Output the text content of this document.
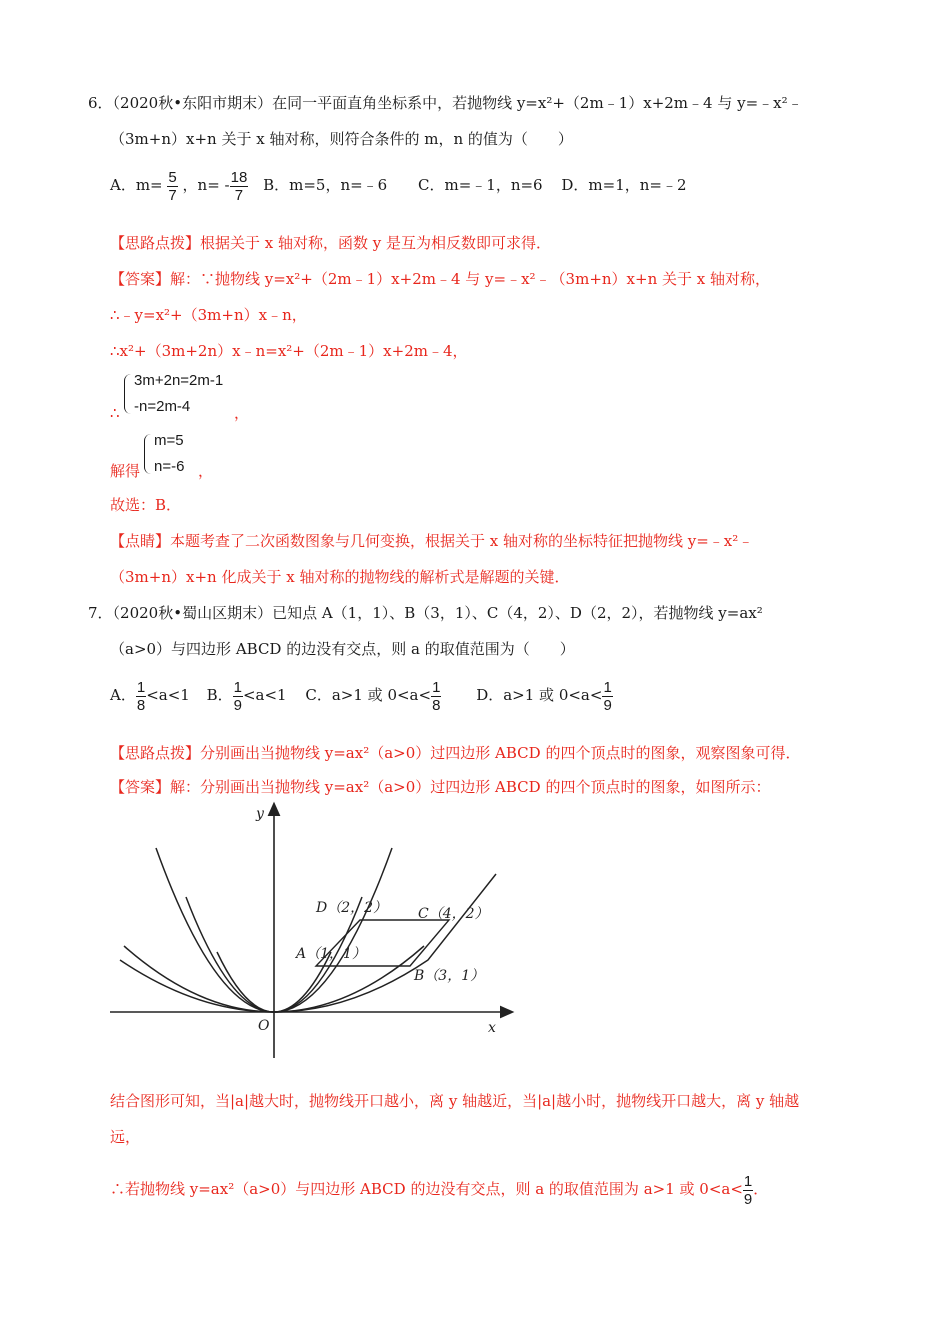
6．（2020秋•东阳市期末）在同一平面直角坐标系中，若抛物线 y=x²+（2m﹣1）x+2m﹣4 与 y=﹣x²﹣
（3m+n）x+n 关于 x 轴对称，则符合条件的 m，n 的值为（　　）
A．$m= \frac{5}{7}$ ，$n= - \frac{18}{7}$ B．m=5，n=﹣6 C．m=﹣1，n=6 D．m=1，n=﹣2
【思路点拨】根据关于 x 轴对称，函数 y 是互为相反数即可求得．
【答案】解：∵抛物线 y=x²+（2m﹣1）x+2m﹣4 与 y=﹣x²﹣（3m+n）x+n 关于 x 轴对称，
∴﹣y=x²+（3m+n）x﹣n，
∴x²+（3m+2n）x﹣n=x²+（2m﹣1）x+2m﹣4，
∴
3m+2n=2m-1
-n=2m-4	，
解得
m=5
n=-6 ，
故选：B．
【点睛】本题考查了二次函数图象与几何变换，根据关于 x 轴对称的坐标特征把抛物线 y=﹣x²﹣
（3m+n）x+n 化成关于 x 轴对称的抛物线的解析式是解题的关键．
7．（2020秋•蜀山区期末）已知点 A（1，1）、B（3，1）、C（4，2）、D（2，2），若抛物线 y=ax²
（a>0）与四边形 ABCD 的边没有交点，则 a 的取值范围为（　　）
A． $\frac{1}{8} <a<1$ B． $\frac{1}{9} <a<1$ C．a>1 或 $0<a< \frac{1}{8}$ D．a>1 或 $0<a< \frac{1}{9}$
【思路点拨】分别画出当抛物线 y=ax²（a>0）过四边形 ABCD 的四个顶点时的图象，观察图象可得．
【答案】解：分别画出当抛物线 y=ax²（a>0）过四边形 ABCD 的四个顶点时的图象，如图所示：
y
x
O
D（2，2） C（4，2）
A（1，1）
B（3，1）
结合图形可知，当|a|越大时，抛物线开口越小，离 y 轴越近，当|a|越小时，抛物线开口越大，离 y 轴越
远，
∴若抛物线 y=ax²（a>0）与四边形 ABCD 的边没有交点，则 a 的取值范围为 a>1 或 $0<a< \frac{1}{9}$ ．
